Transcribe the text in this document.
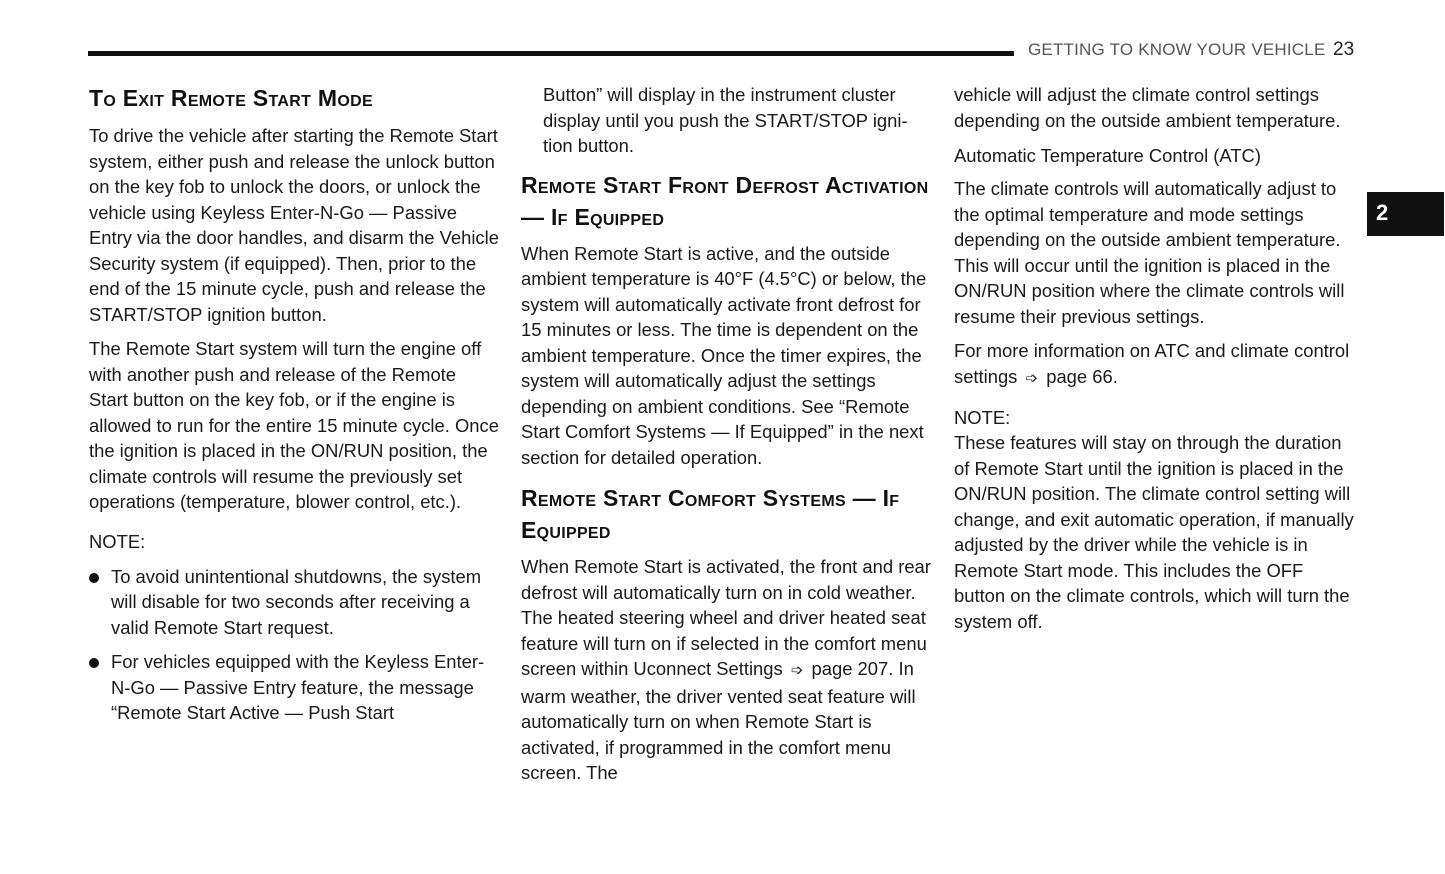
GETTING TO KNOW YOUR VEHICLE 23
2
To Exit Remote Start Mode

To drive the vehicle after starting the Remote Start system, either push and release the unlock button on the key fob to unlock the doors, or unlock the vehicle using Keyless Enter-N-Go — Passive Entry via the door handles, and disarm the Vehicle Security system (if equipped). Then, prior to the end of the 15 minute cycle, push and release the START/STOP ignition button.

The Remote Start system will turn the engine off with another push and release of the Remote Start button on the key fob, or if the engine is allowed to run for the entire 15 minute cycle. Once the ignition is placed in the ON/RUN position, the climate controls will resume the previously set operations (temperature, blower control, etc.).

NOTE:
To avoid unintentional shutdowns, the system will disable for two seconds after receiving a valid Remote Start request.
For vehicles equipped with the Keyless Enter-N-Go — Passive Entry feature, the message “Remote Start Active — Push Start

Button” will display in the instrument cluster display until you push the START/STOP igni- tion button.

Remote Start Front Defrost Activation — If Equipped

When Remote Start is active, and the outside ambient temperature is 40°F (4.5°C) or below, the system will automatically activate front defrost for 15 minutes or less. The time is dependent on the ambient temperature. Once the timer expires, the system will automatically adjust the settings depending on ambient conditions. See “Remote Start Comfort Systems — If Equipped” in the next section for detailed operation.

Remote Start Comfort Systems — If Equipped

When Remote Start is activated, the front and rear defrost will automatically turn on in cold weather. The heated steering wheel and driver heated seat feature will turn on if selected in the comfort menu screen within Uconnect Settings ➩ page 207. In warm weather, the driver vented seat feature will automatically turn on when Remote Start is activated, if programmed in the comfort menu screen. The

vehicle will adjust the climate control settings depending on the outside ambient temperature.

Automatic Temperature Control (ATC)

The climate controls will automatically adjust to the optimal temperature and mode settings depending on the outside ambient temperature. This will occur until the ignition is placed in the ON/RUN position where the climate controls will resume their previous settings.

For more information on ATC and climate control settings ➩ page 66.

NOTE:

These features will stay on through the duration of Remote Start until the ignition is placed in the ON/RUN position. The climate control setting will change, and exit automatic operation, if manually adjusted by the driver while the vehicle is in Remote Start mode. This includes the OFF button on the climate controls, which will turn the system off.
